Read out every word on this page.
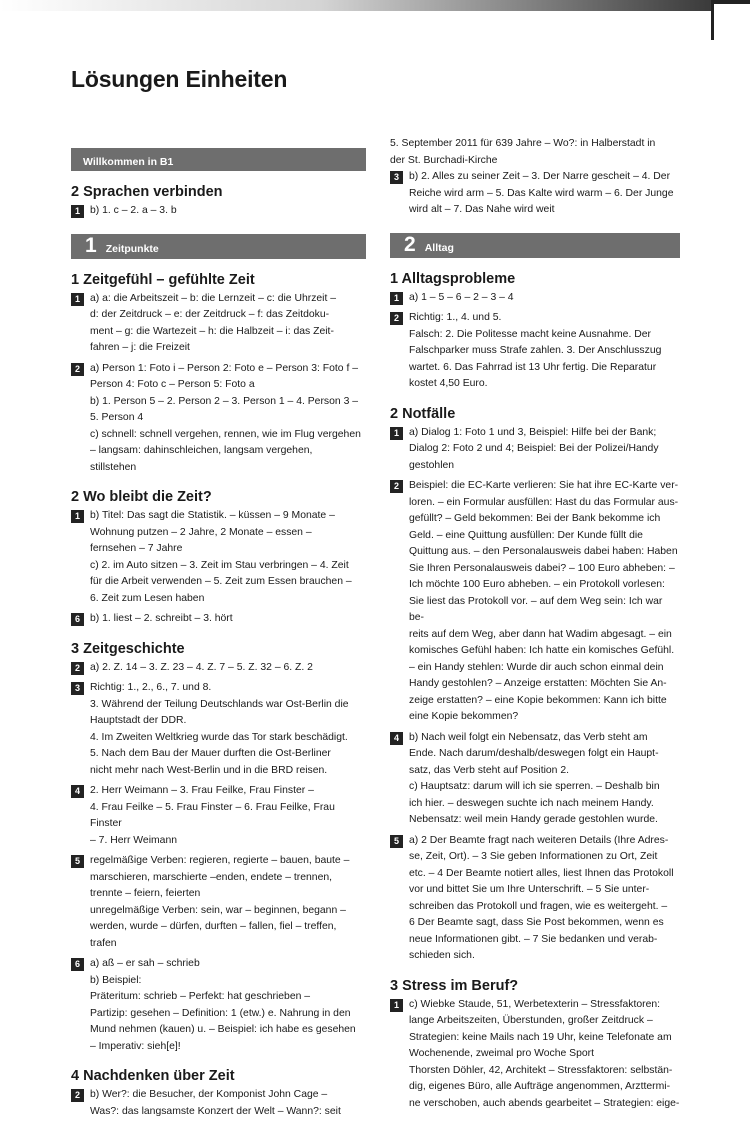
Lösungen Einheiten
Willkommen in B1
2 Sprachen verbinden
1 b) 1. c – 2. a – 3. b
1 Zeitpunkte
1 Zeitgefühl – gefühlte Zeit
1 a) a: die Arbeitszeit – b: die Lernzeit – c: die Uhrzeit –
d: der Zeitdruck – e: der Zeitdruck – f: das Zeitdoku-
ment – g: die Wartezeit – h: die Halbzeit – i: das Zeit-
fahren – j: die Freizeit
2 a) Person 1: Foto i – Person 2: Foto e – Person 3: Foto f –
Person 4: Foto c – Person 5: Foto a
b) 1. Person 5 – 2. Person 2 – 3. Person 1 – 4. Person 3 –
5. Person 4
c) schnell: schnell vergehen, rennen, wie im Flug vergehen
– langsam: dahinschleichen, langsam vergehen,
stillstehen
2 Wo bleibt die Zeit?
1 b) Titel: Das sagt die Statistik. – küssen – 9 Monate –
Wohnung putzen – 2 Jahre, 2 Monate – essen –
fernsehen – 7 Jahre
c) 2. im Auto sitzen – 3. Zeit im Stau verbringen – 4. Zeit
für die Arbeit verwenden – 5. Zeit zum Essen brauchen –
6. Zeit zum Lesen haben
6 b) 1. liest – 2. schreibt – 3. hört
3 Zeitgeschichte
2 a) 2. Z. 14 – 3. Z. 23 – 4. Z. 7 – 5. Z. 32 – 6. Z. 2
3 Richtig: 1., 2., 6., 7. und 8.
3. Während der Teilung Deutschlands war Ost-Berlin die
Hauptstadt der DDR.
4. Im Zweiten Weltkrieg wurde das Tor stark beschädigt.
5. Nach dem Bau der Mauer durften die Ost-Berliner
nicht mehr nach West-Berlin und in die BRD reisen.
4 2. Herr Weimann – 3. Frau Feilke, Frau Finster –
4. Frau Feilke – 5. Frau Finster – 6. Frau Feilke, Frau Finster
– 7. Herr Weimann
5 regelmäßige Verben: regieren, regierte – bauen, baute –
marschieren, marschierte –enden, endete – trennen,
trennte – feiern, feierten
unregelmäßige Verben: sein, war – beginnen, begann –
werden, wurde – dürfen, durften – fallen, fiel – treffen,
trafen
6 a) aß – er sah – schrieb
b) Beispiel:
Präteritum: schrieb – Perfekt: hat geschrieben –
Partizip: gesehen – Definition: 1 (etw.) e. Nahrung in den
Mund nehmen (kauen) u. – Beispiel: ich habe es gesehen
– Imperativ: sieh[e]!
4 Nachdenken über Zeit
2 b) Wer?: die Besucher, der Komponist John Cage –
Was?: das langsamste Konzert der Welt – Wann?: seit
5. September 2011 für 639 Jahre – Wo?: in Halberstadt in
der St. Burchadi-Kirche
3 b) 2. Alles zu seiner Zeit – 3. Der Narre gescheit – 4. Der
Reiche wird arm – 5. Das Kalte wird warm – 6. Der Junge
wird alt – 7. Das Nahe wird weit
2 Alltag
1 Alltagsprobleme
1 a) 1 – 5 – 6 – 2 – 3 – 4
2 Richtig: 1., 4. und 5.
Falsch: 2. Die Politesse macht keine Ausnahme. Der
Falschparker muss Strafe zahlen. 3. Der Anschlusszug
wartet. 6. Das Fahrrad ist 13 Uhr fertig. Die Reparatur
kostet 4,50 Euro.
2 Notfälle
1 a) Dialog 1: Foto 1 und 3, Beispiel: Hilfe bei der Bank;
Dialog 2: Foto 2 und 4; Beispiel: Bei der Polizei/Handy
gestohlen
2 Beispiel: die EC-Karte verlieren: Sie hat ihre EC-Karte ver-
loren. – ein Formular ausfüllen: Hast du das Formular aus-
gefüllt? – Geld bekommen: Bei der Bank bekomme ich
Geld. – eine Quittung ausfüllen: Der Kunde füllt die
Quittung aus. – den Personalausweis dabei haben: Haben
Sie Ihren Personalausweis dabei? – 100 Euro abheben: –
Ich möchte 100 Euro abheben. – ein Protokoll vorlesen:
Sie liest das Protokoll vor. – auf dem Weg sein: Ich war be-
reits auf dem Weg, aber dann hat Wadim abgesagt. – ein
komisches Gefühl haben: Ich hatte ein komisches Gefühl.
– ein Handy stehlen: Wurde dir auch schon einmal dein
Handy gestohlen? – Anzeige erstatten: Möchten Sie An-
zeige erstatten? – eine Kopie bekommen: Kann ich bitte
eine Kopie bekommen?
4 b) Nach weil folgt ein Nebensatz, das Verb steht am
Ende. Nach darum/deshalb/deswegen folgt ein Haupt-
satz, das Verb steht auf Position 2.
c) Hauptsatz: darum will ich sie sperren. – Deshalb bin
ich hier. – deswegen suchte ich nach meinem Handy.
Nebensatz: weil mein Handy gerade gestohlen wurde.
5 a) 2 Der Beamte fragt nach weiteren Details (Ihre Adres-
se, Zeit, Ort). – 3 Sie geben Informationen zu Ort, Zeit
etc. – 4 Der Beamte notiert alles, liest Ihnen das Protokoll
vor und bittet Sie um Ihre Unterschrift. – 5 Sie unter-
schreiben das Protokoll und fragen, wie es weitergeht. –
6 Der Beamte sagt, dass Sie Post bekommen, wenn es
neue Informationen gibt. – 7 Sie bedanken und verab-
schieden sich.
3 Stress im Beruf?
1 c) Wiebke Staude, 51, Werbetexterin – Stressfaktoren:
lange Arbeitszeiten, Überstunden, großer Zeitdruck –
Strategien: keine Mails nach 19 Uhr, keine Telefonate am
Wochenende, zweimal pro Woche Sport
Thorsten Döhler, 42, Architekt – Stressfaktoren: selbstän-
dig, eigenes Büro, alle Aufträge angenommen, Arzttermi-
ne verschoben, auch abends gearbeitet – Strategien: eige-
